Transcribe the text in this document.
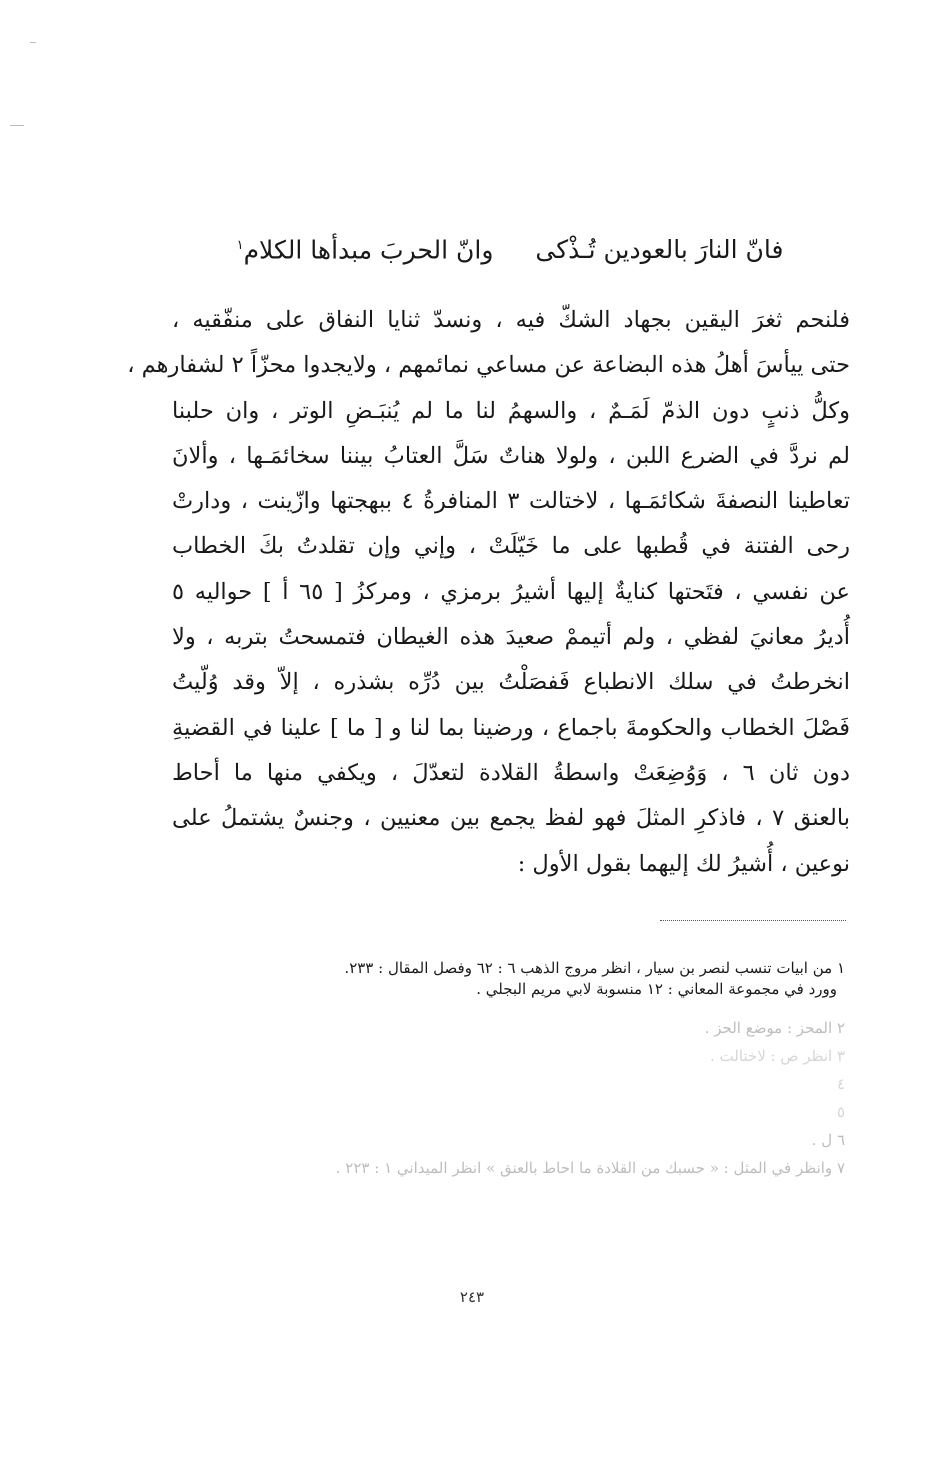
فانّ النارَ بالعودين تُـذْكىوانّ الحربَ مبدأها الكلام$^١$
فلنحم ثغرَ اليقين بجهاد الشكّ فيه ، ونسدّ ثنايا النفاق على منفّقيه ،
حتى ييأسَ أهلُ هذه البضاعة عن مساعي نمائمهم ، ولايجدوا محزّاً ٢ لشفارهم ،
وكلُّ ذنبٍ دون الذمّ لَمَـمٌ ، والسهمُ لنا ما لم يُنبَـضِ الوتر ، وان حلبنا
لم نردَّ في الضرع اللبن ، ولولا هناتٌ سَلَّ العتابُ بيننا سخائمَـها ، وألانَ
تعاطينا النصفةَ شكائمَـها ، لاختالت ٣ المنافرةُ ٤ ببهجتها وازّينت ، ودارتْ
رحى الفتنة في قُطبها على ما خَيّلَتْ ، وإني وإن تقلدتُ بكَ الخطاب
عن نفسي ، فتَحتها كنايةٌ إليها أشيرُ برمزي ، ومركزُ [ ٦٥ أ ] حواليه ٥
أُديرُ معانيَ لفظي ، ولم أتيممْ صعيدَ هذه الغيطان فتمسحتُ بتربه ، ولا
انخرطتُ في سلك الانطباع فَفصَلْتُ بين دُرِّه بشذره ، إلاّ وقد وُلّيتُ
فَصْلَ الخطاب والحكومةَ باجماع ، ورضينا بما لنا و [ ما ] علينا في القضيةِ
دون ثان ٦ ، وَوُضِعَتْ واسطةُ القلادة لتعدّلَ ، ويكفي منها ما أحاط
بالعنق ٧ ، فاذكرِ المثلَ فهو لفظ يجمع بين معنيين ، وجنسٌ يشتملُ على
نوعين ، أُشيرُ لك إليهما بقول الأول :
١ من ابيات تنسب لنصر بن سيار ، انظر مروج الذهب ٦ : ٦٢ وفصل المقال : ٢٣٣.
وورد في مجموعة المعاني : ١٢ منسوبة لابي مريم البجلي .
٢ المحز : موضع الحز .
٣ انظر ص : لاختالت .
٤
٥
٦ ل .
٧ وانظر في المثل : « حسبك من القلادة ما احاط بالعنق » انظر الميداني ١ : ٢٢٣ .
٢٤٣
